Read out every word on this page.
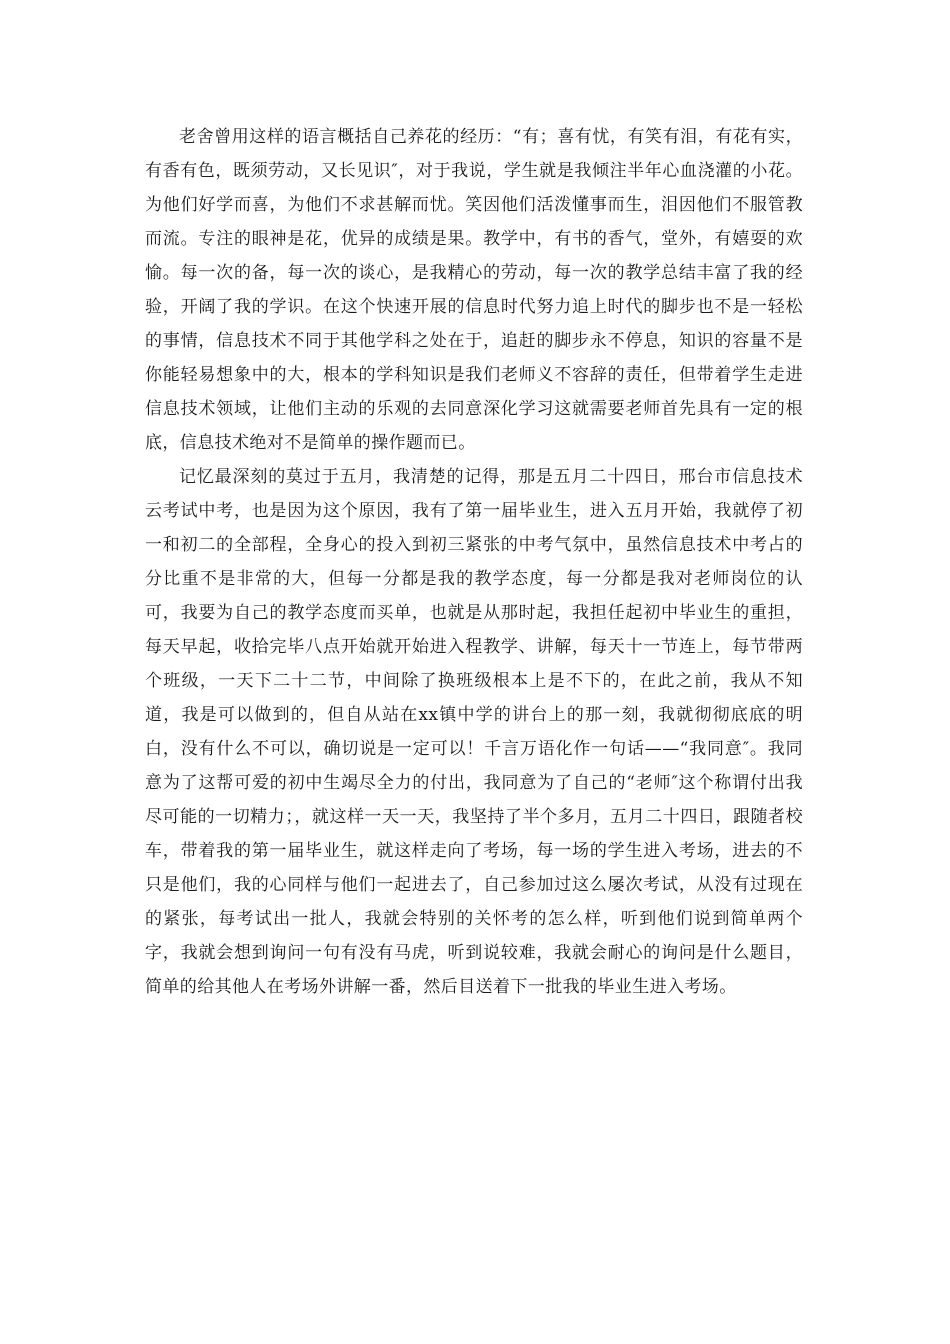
老舍曾用这样的语言概括自己养花的经历：“有；喜有忧，有笑有泪，有花有实，有香有色，既须劳动，又长见识″，对于我说，学生就是我倾注半年心血浇灌的小花。为他们好学而喜，为他们不求甚解而忧。笑因他们活泼懂事而生，泪因他们不服管教而流。专注的眼神是花，优异的成绩是果。教学中，有书的香气，堂外，有嬉耍的欢愉。每一次的备，每一次的谈心，是我精心的劳动，每一次的教学总结丰富了我的经验，开阔了我的学识。在这个快速开展的信息时代努力追上时代的脚步也不是一轻松的事情，信息技术不同于其他学科之处在于，追赶的脚步永不停息，知识的容量不是你能轻易想象中的大，根本的学科知识是我们老师义不容辞的责任，但带着学生走进信息技术领域，让他们主动的乐观的去同意深化学习这就需要老师首先具有一定的根底，信息技术绝对不是简单的操作题而已。

记忆最深刻的莫过于五月，我清楚的记得，那是五月二十四日，邢台市信息技术云考试中考，也是因为这个原因，我有了第一届毕业生，进入五月开始，我就停了初一和初二的全部程，全身心的投入到初三紧张的中考气氛中，虽然信息技术中考占的分比重不是非常的大，但每一分都是我的教学态度，每一分都是我对老师岗位的认可，我要为自己的教学态度而买单，也就是从那时起，我担任起初中毕业生的重担，每天早起，收拾完毕八点开始就开始进入程教学、讲解，每天十一节连上，每节带两个班级，一天下二十二节，中间除了换班级根本上是不下的，在此之前，我从不知道，我是可以做到的，但自从站在xx镇中学的讲台上的那一刻，我就彻彻底底的明白，没有什么不可以，确切说是一定可以！千言万语化作一句话——“我同意″。我同意为了这帮可爱的初中生竭尽全力的付出，我同意为了自己的“老师″这个称谓付出我尽可能的一切精力；，就这样一天一天，我坚持了半个多月，五月二十四日，跟随者校车，带着我的第一届毕业生，就这样走向了考场，每一场的学生进入考场，进去的不只是他们，我的心同样与他们一起进去了，自己参加过这么屡次考试，从没有过现在的紧张，每考试出一批人，我就会特别的关怀考的怎么样，听到他们说到简单两个字，我就会想到询问一句有没有马虎，听到说较难，我就会耐心的询问是什么题目，简单的给其他人在考场外讲解一番，然后目送着下一批我的毕业生进入考场。
